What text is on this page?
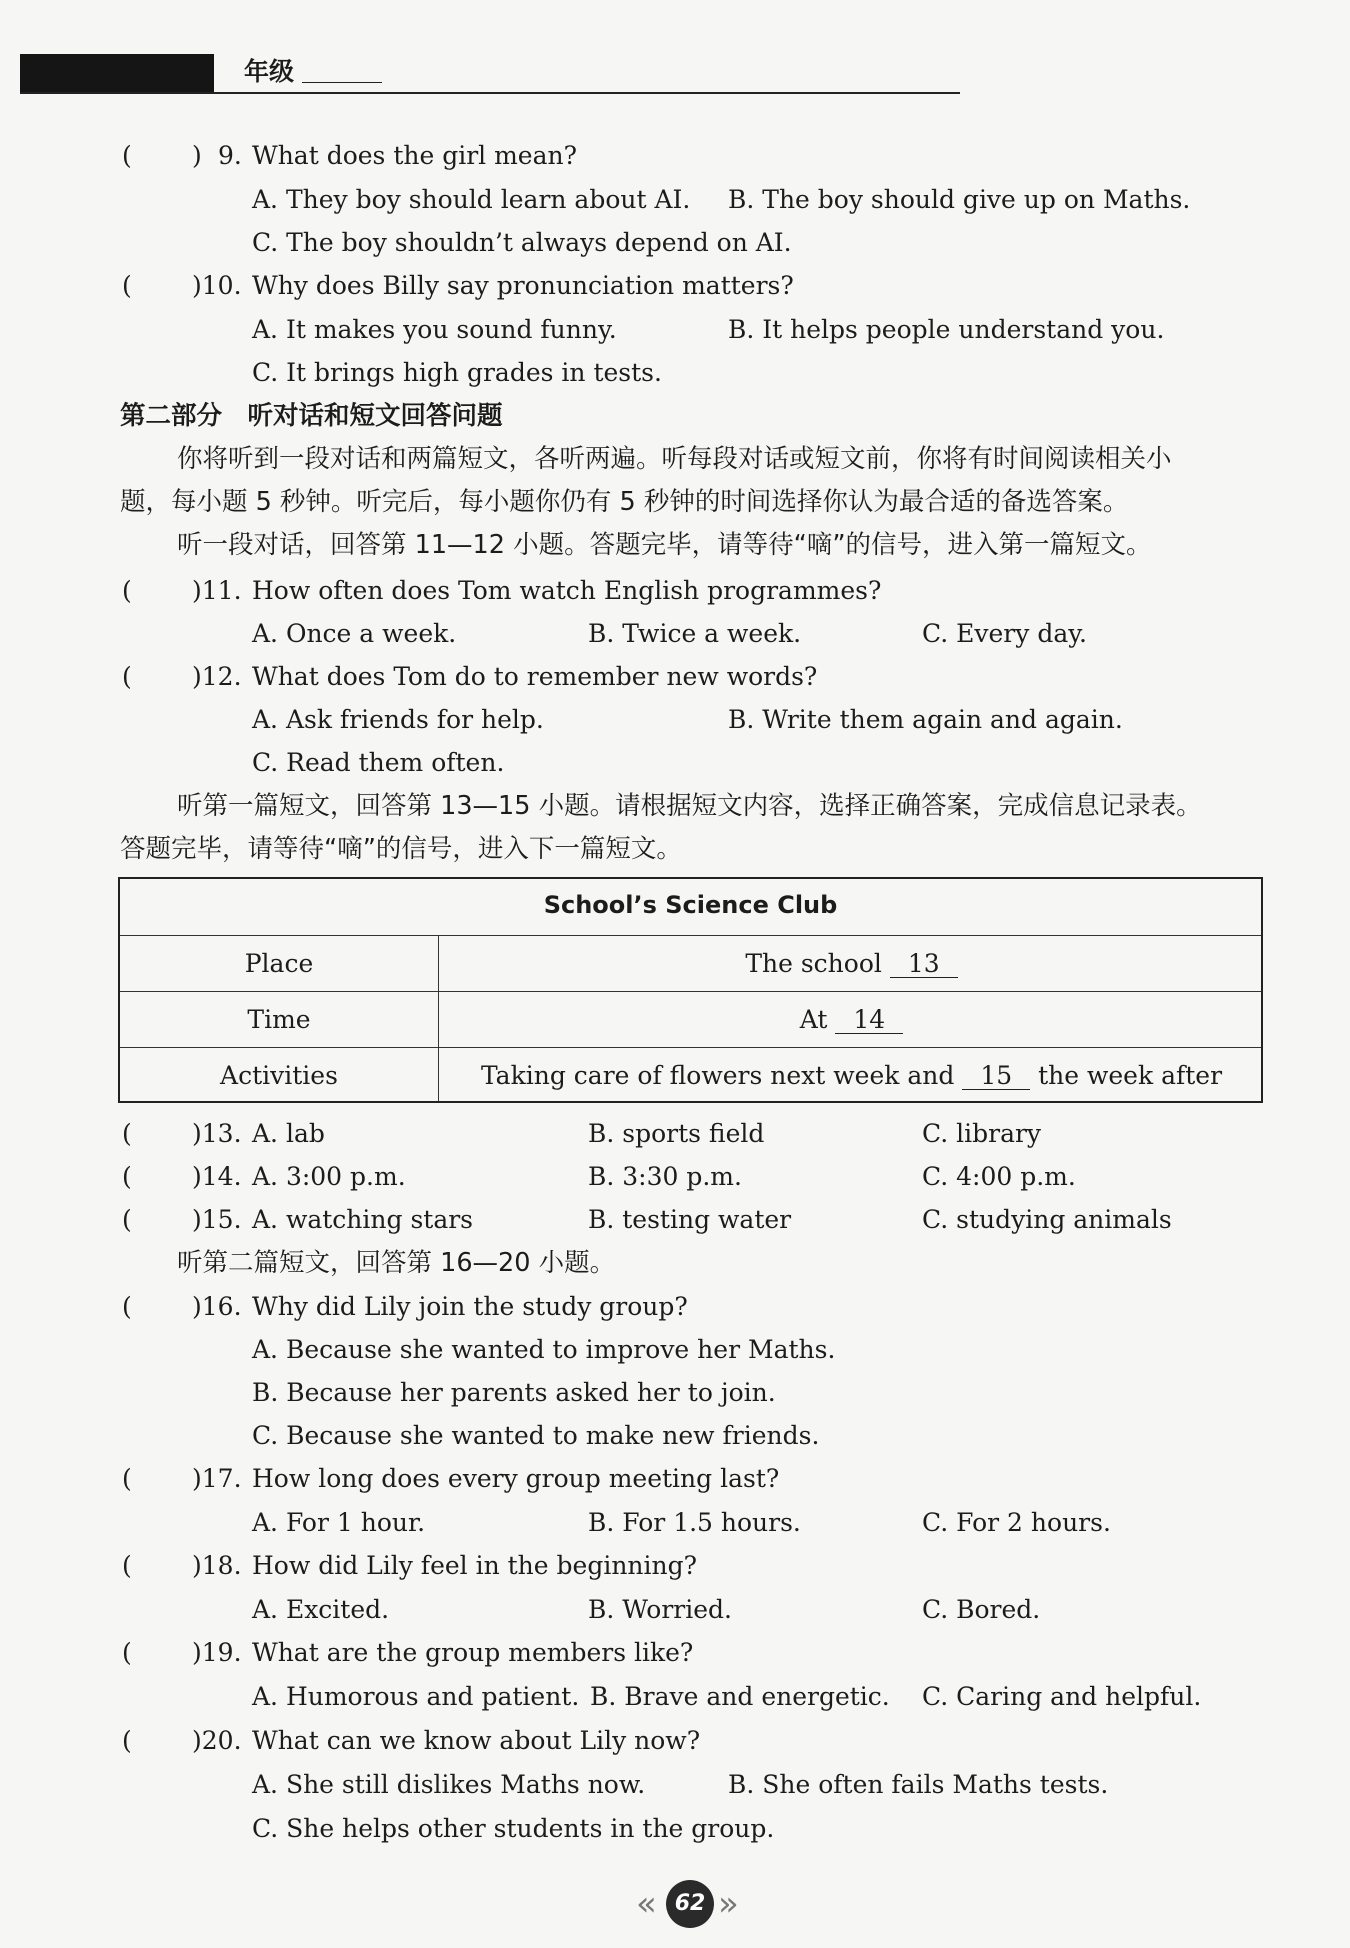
年级
( ) 9. What does the girl mean?
A. They boy should learn about AI. B. The boy should give up on Maths.
C. The boy shouldn’t always depend on AI.
( )10. Why does Billy say pronunciation matters?
A. It makes you sound funny.	B. It helps people understand you.
C. It brings high grades in tests.
第二部分　听对话和短文回答问题
你将听到一段对话和两篇短文，各听两遍。听每段对话或短文前，你将有时间阅读相关小
题，每小题 5 秒钟。听完后，每小题你仍有 5 秒钟的时间选择你认为最合适的备选答案。
听一段对话，回答第 11—12 小题。答题完毕，请等待“嘀”的信号，进入第一篇短文。
( )11. How often does Tom watch English programmes?
A. Once a week.	B. Twice a week.	C. Every day.
( )12. What does Tom do to remember new words?
A. Ask friends for help.	B. Write them again and again.
C. Read them often.
听第一篇短文，回答第 13—15 小题。请根据短文内容，选择正确答案，完成信息记录表。
答题完毕，请等待“嘀”的信号，进入下一篇短文。
School’s Science Club
Place	The school 13
Time	At 14
Activities	Taking care of flowers next week and 15 the week after
( )13. A. lab	B. sports field	C. library
( )14. A. 3:00 p.m.	B. 3:30 p.m.	C. 4:00 p.m.
( )15. A. watching stars	B. testing water	C. studying animals
听第二篇短文，回答第 16—20 小题。
( )16. Why did Lily join the study group?
A. Because she wanted to improve her Maths.
B. Because her parents asked her to join.
C. Because she wanted to make new friends.
( )17. How long does every group meeting last?
A. For 1 hour.	B. For 1.5 hours.	C. For 2 hours.
( )18. How did Lily feel in the beginning?
A. Excited.	B. Worried.	C. Bored.
( )19. What are the group members like?
A. Humorous and patient. B. Brave and energetic. C. Caring and helpful.
( )20. What can we know about Lily now?
A. She still dislikes Maths now.	B. She often fails Maths tests.
C. She helps other students in the group.
« 62 »
